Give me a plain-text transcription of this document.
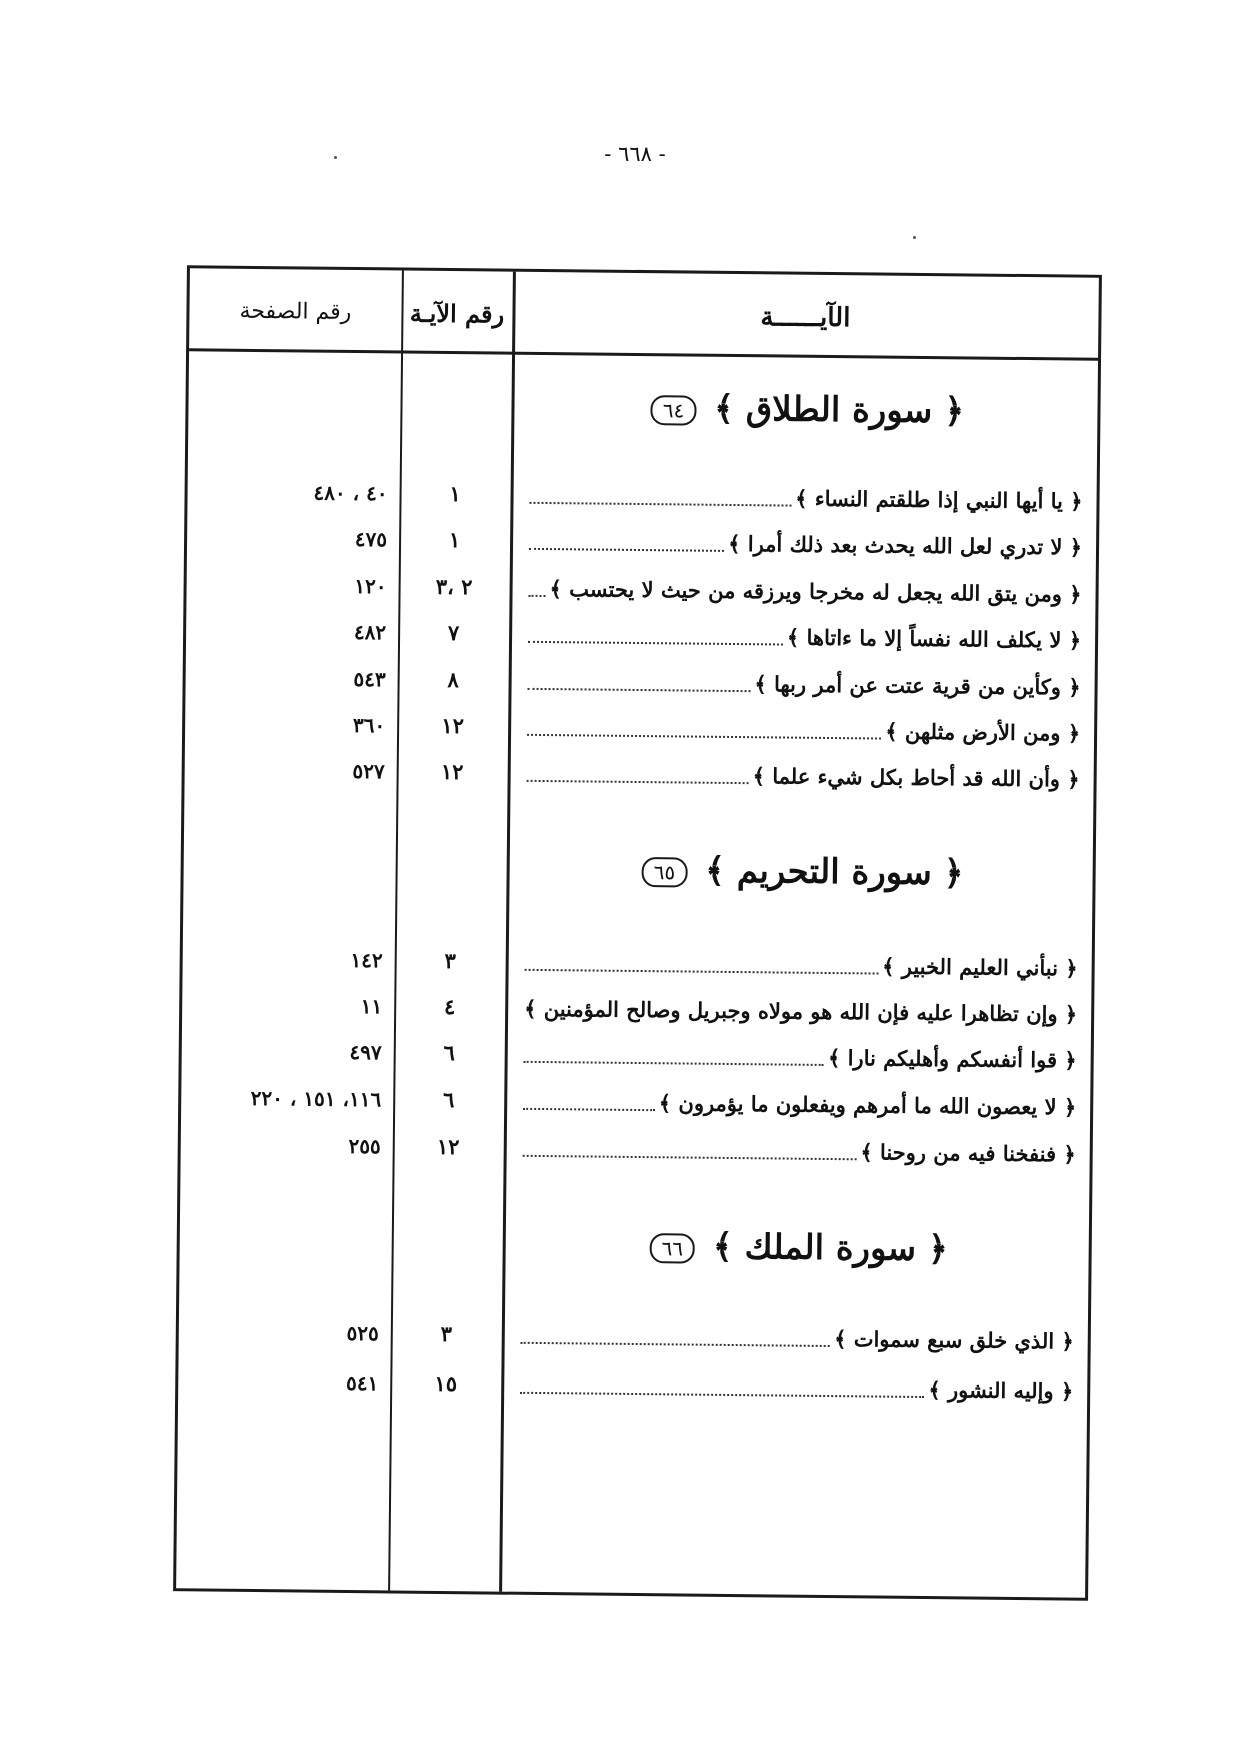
- ٦٦٨ -
رقم الصفحة	رقم الآيـة	الآيــــــة
﴿ سورة الطلاق ﴾ ٦٤
٤٠ ، ٤٨٠	١	﴿ يا أيها النبي إذا طلقتم النساء ﴾
٤٧٥	١	﴿ لا تدري لعل الله يحدث بعد ذلك أمرا ﴾
١٢٠	٢ ،٣	﴿ ومن يتق الله يجعل له مخرجا ويرزقه من حيث لا يحتسب ﴾
٤٨٢	٧	﴿ لا يكلف الله نفساً إلا ما ءاتاها ﴾
٥٤٣	٨	﴿ وكأين من قرية عتت عن أمر ربها ﴾
٣٦٠	١٢	﴿ ومن الأرض مثلهن ﴾
٥٢٧	١٢	﴿ وأن الله قد أحاط بكل شيء علما ﴾
﴿ سورة التحريم ﴾ ٦٥
١٤٢	٣	﴿ نبأني العليم الخبير ﴾
١١	٤	﴿ وإن تظاهرا عليه فإن الله هو مولاه وجبريل وصالح المؤمنين ﴾
٤٩٧	٦	﴿ قوا أنفسكم وأهليكم نارا ﴾
١١٦، ١٥١ ، ٢٢٠	٦	﴿ لا يعصون الله ما أمرهم ويفعلون ما يؤمرون ﴾
٢٥٥	١٢	﴿ فنفخنا فيه من روحنا ﴾
﴿ سورة الملك ﴾ ٦٦
٥٢٥	٣	﴿ الذي خلق سبع سموات ﴾
٥٤١	١٥	﴿ وإليه النشور ﴾
